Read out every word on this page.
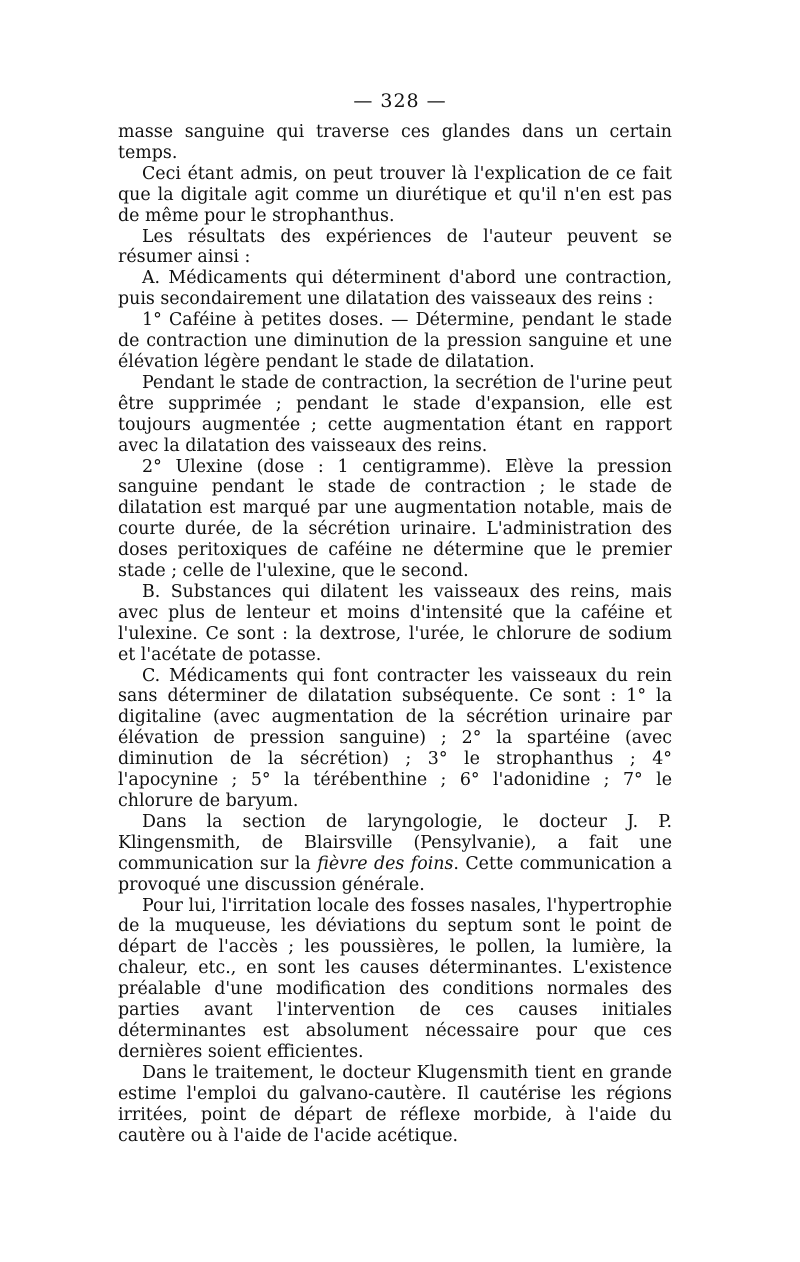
— 328 —

masse sanguine qui traverse ces glandes dans un certain temps.

Ceci étant admis, on peut trouver là l'explication de ce fait que la digitale agit comme un diurétique et qu'il n'en est pas de même pour le strophanthus.

Les résultats des expériences de l'auteur peuvent se résumer ainsi :

A. Médicaments qui déterminent d'abord une contraction, puis secondairement une dilatation des vaisseaux des reins :

1° Caféine à petites doses. — Détermine, pendant le stade de contraction une diminution de la pression sanguine et une élévation légère pendant le stade de dilatation.

Pendant le stade de contraction, la secrétion de l'urine peut être supprimée ; pendant le stade d'expansion, elle est toujours augmentée ; cette augmentation étant en rapport avec la dilatation des vaisseaux des reins.

2° Ulexine (dose : 1 centigramme). Elève la pression sanguine pendant le stade de contraction ; le stade de dilatation est marqué par une augmentation notable, mais de courte durée, de la sécrétion urinaire. L'administration des doses peritoxiques de caféine ne détermine que le premier stade ; celle de l'ulexine, que le second.

B. Substances qui dilatent les vaisseaux des reins, mais avec plus de lenteur et moins d'intensité que la caféine et l'ulexine. Ce sont : la dextrose, l'urée, le chlorure de sodium et l'acétate de potasse.

C. Médicaments qui font contracter les vaisseaux du rein sans déterminer de dilatation subséquente. Ce sont : 1° la digitaline (avec augmentation de la sécrétion urinaire par élévation de pression sanguine) ; 2° la spartéine (avec diminution de la sécrétion) ; 3° le strophanthus ; 4° l'apocynine ; 5° la térébenthine ; 6° l'adonidine ; 7° le chlorure de baryum.

Dans la section de laryngologie, le docteur J. P. Klingensmith, de Blairsville (Pensylvanie), a fait une communication sur la fièvre des foins. Cette communication a provoqué une discussion générale.

Pour lui, l'irritation locale des fosses nasales, l'hypertrophie de la muqueuse, les déviations du septum sont le point de départ de l'accès ; les poussières, le pollen, la lumière, la chaleur, etc., en sont les causes déterminantes. L'existence préalable d'une modification des conditions normales des parties avant l'intervention de ces causes initiales déterminantes est absolument nécessaire pour que ces dernières soient efficientes.

Dans le traitement, le docteur Klugensmith tient en grande estime l'emploi du galvano-cautère. Il cautérise les régions irritées, point de départ de réflexe morbide, à l'aide du cautère ou à l'aide de l'acide acétique.
